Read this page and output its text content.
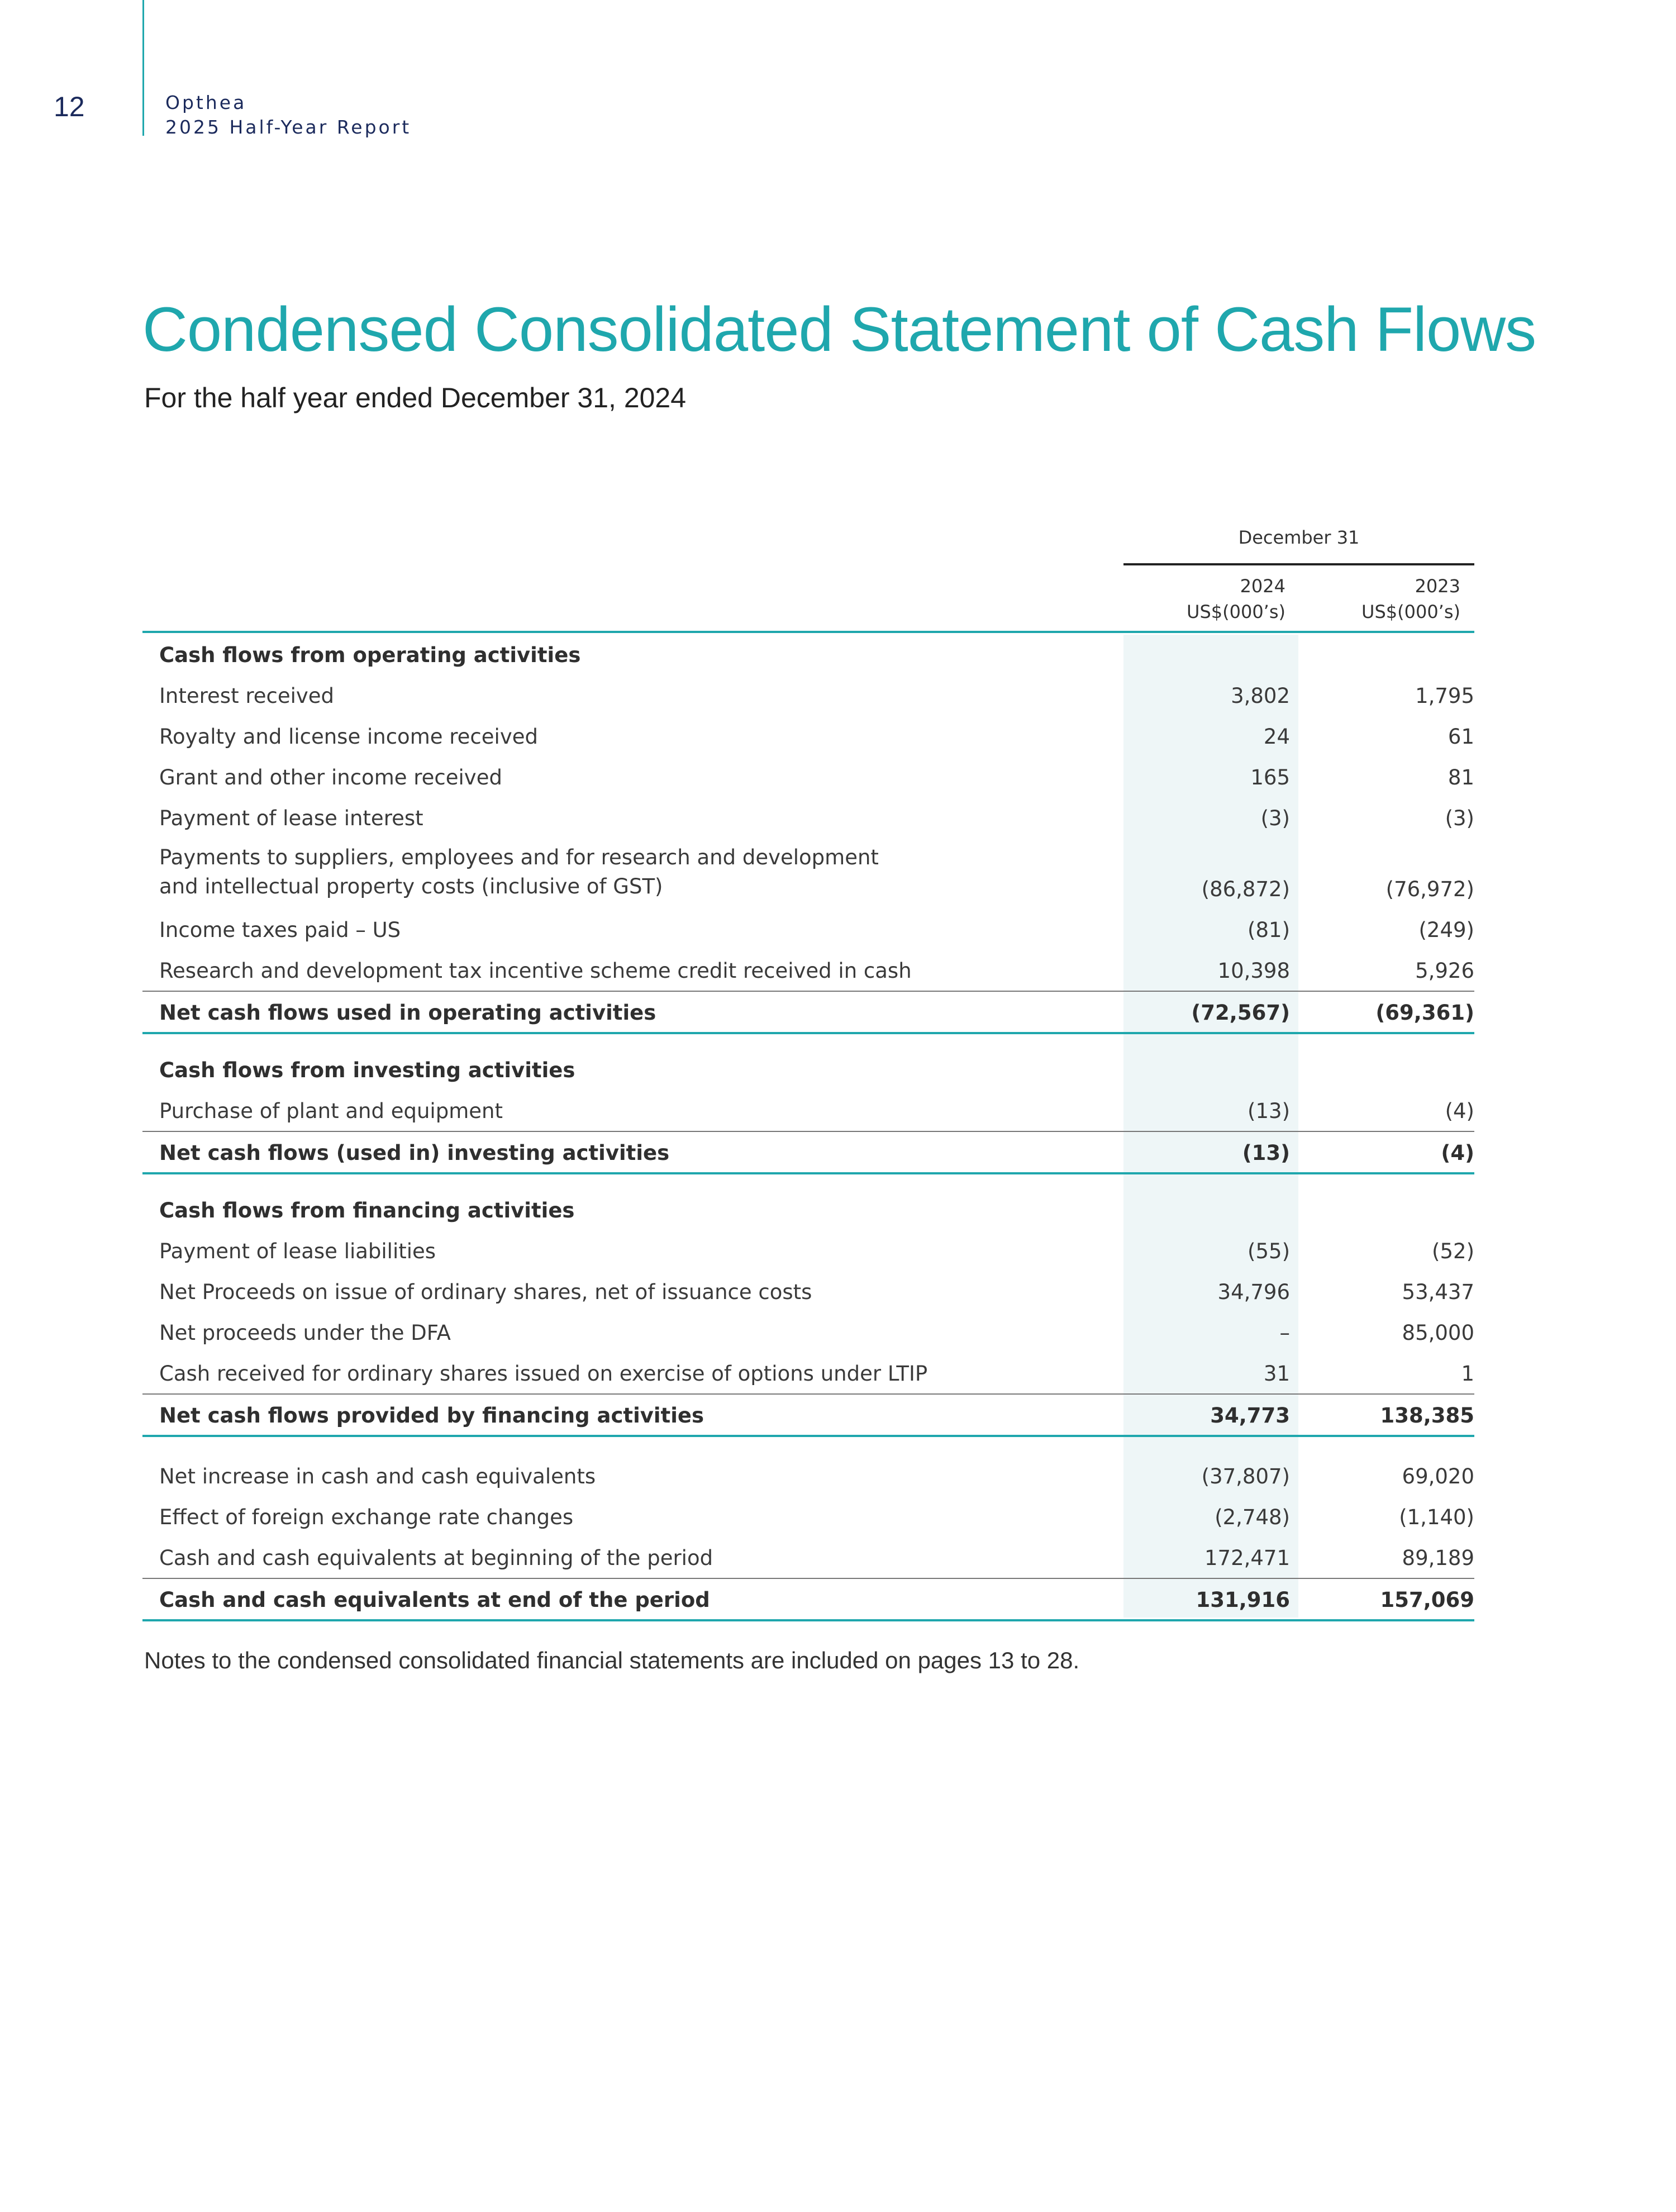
12	Opthea
2025 Half-Year Report
Condensed Consolidated Statement of Cash Flows
For the half year ended December 31, 2024
December 31
2024
US$(000’s)
2023
US$(000’s)
Cash flows from operating activities
Interest received	3,802	1,795
Royalty and license income received	24	61
Grant and other income received	165	81
Payment of lease interest	(3)	(3)
Payments to suppliers, employees and for research and development
and intellectual property costs (inclusive of GST)	(86,872)	(76,972)
Income taxes paid – US	(81)	(249)
Research and development tax incentive scheme credit received in cash	10,398	5,926
Net cash flows used in operating activities	(72,567)	(69,361)
Cash flows from investing activities
Purchase of plant and equipment	(13)	(4)
Net cash flows (used in) investing activities	(13)	(4)
Cash flows from financing activities
Payment of lease liabilities	(55)	(52)
Net Proceeds on issue of ordinary shares, net of issuance costs	34,796	53,437
Net proceeds under the DFA	–	85,000
Cash received for ordinary shares issued on exercise of options under LTIP	31	1
Net cash flows provided by financing activities	34,773	138,385
Net increase in cash and cash equivalents	(37,807)	69,020
Effect of foreign exchange rate changes	(2,748)	(1,140)
Cash and cash equivalents at beginning of the period	172,471	89,189
Cash and cash equivalents at end of the period	131,916	157,069
Notes to the condensed consolidated financial statements are included on pages 13 to 28.
